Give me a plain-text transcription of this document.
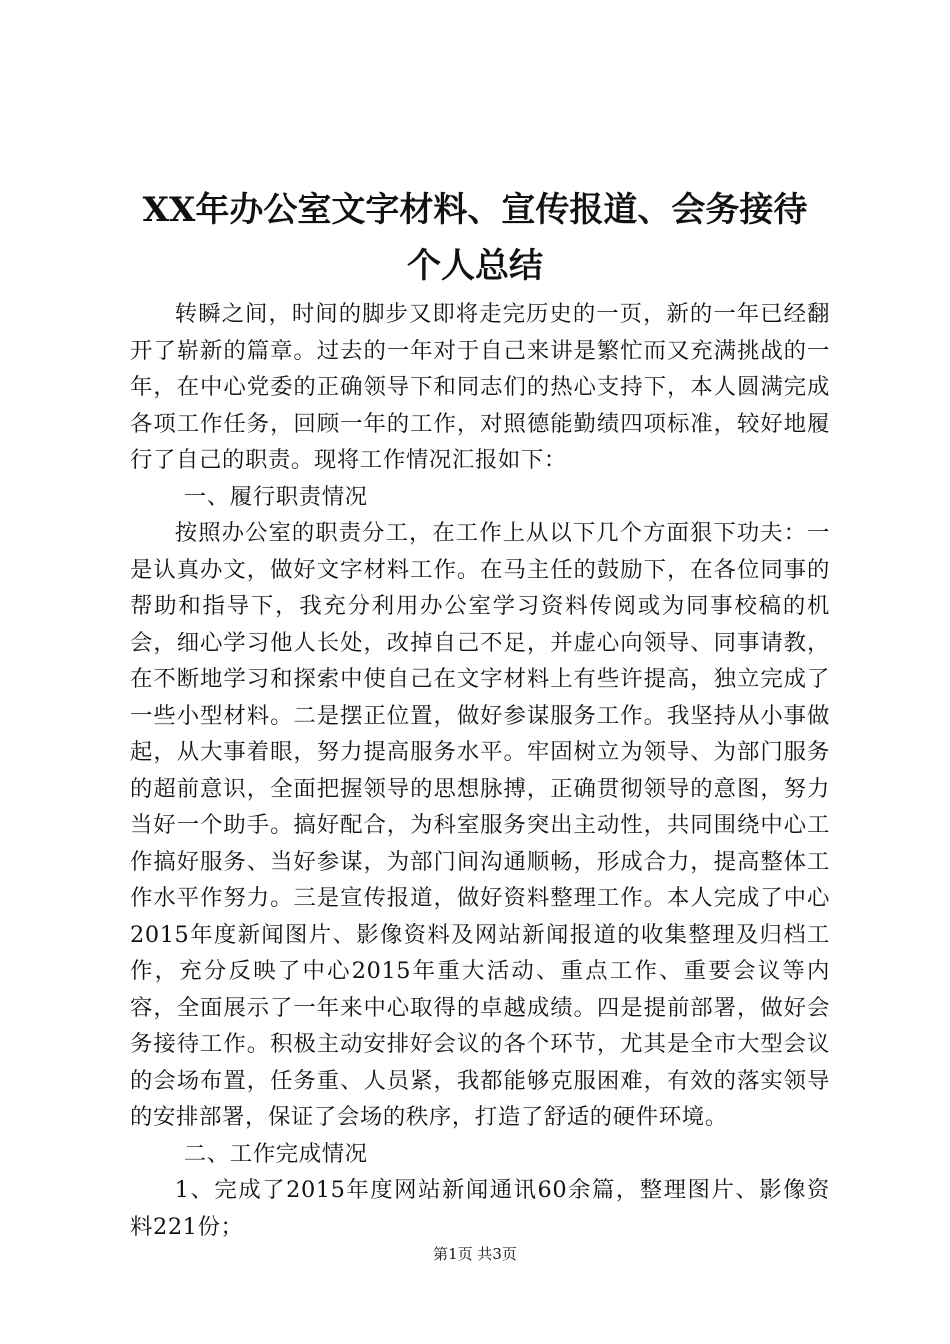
XX年办公室文字材料、宣传报道、会务接待
个人总结

转瞬之间，时间的脚步又即将走完历史的一页，新的一年已经翻开了崭新的篇章。过去的一年对于自己来讲是繁忙而又充满挑战的一年，在中心党委的正确领导下和同志们的热心支持下，本人圆满完成各项工作任务，回顾一年的工作，对照德能勤绩四项标准，较好地履行了自己的职责。现将工作情况汇报如下：

一、履行职责情况

按照办公室的职责分工，在工作上从以下几个方面狠下功夫：一是认真办文，做好文字材料工作。在马主任的鼓励下，在各位同事的帮助和指导下，我充分利用办公室学习资料传阅或为同事校稿的机会，细心学习他人长处，改掉自己不足，并虚心向领导、同事请教，在不断地学习和探索中使自己在文字材料上有些许提高，独立完成了一些小型材料。二是摆正位置，做好参谋服务工作。我坚持从小事做起，从大事着眼，努力提高服务水平。牢固树立为领导、为部门服务的超前意识，全面把握领导的思想脉搏，正确贯彻领导的意图，努力当好一个助手。搞好配合，为科室服务突出主动性，共同围绕中心工作搞好服务、当好参谋，为部门间沟通顺畅，形成合力，提高整体工作水平作努力。三是宣传报道，做好资料整理工作。本人完成了中心2015年度新闻图片、影像资料及网站新闻报道的收集整理及归档工作，充分反映了中心2015年重大活动、重点工作、重要会议等内容，全面展示了一年来中心取得的卓越成绩。四是提前部署，做好会务接待工作。积极主动安排好会议的各个环节，尤其是全市大型会议的会场布置，任务重、人员紧，我都能够克服困难，有效的落实领导的安排部署，保证了会场的秩序，打造了舒适的硬件环境。

二、工作完成情况

1、完成了2015年度网站新闻通讯60余篇，整理图片、影像资料221份；

第1页 共3页
